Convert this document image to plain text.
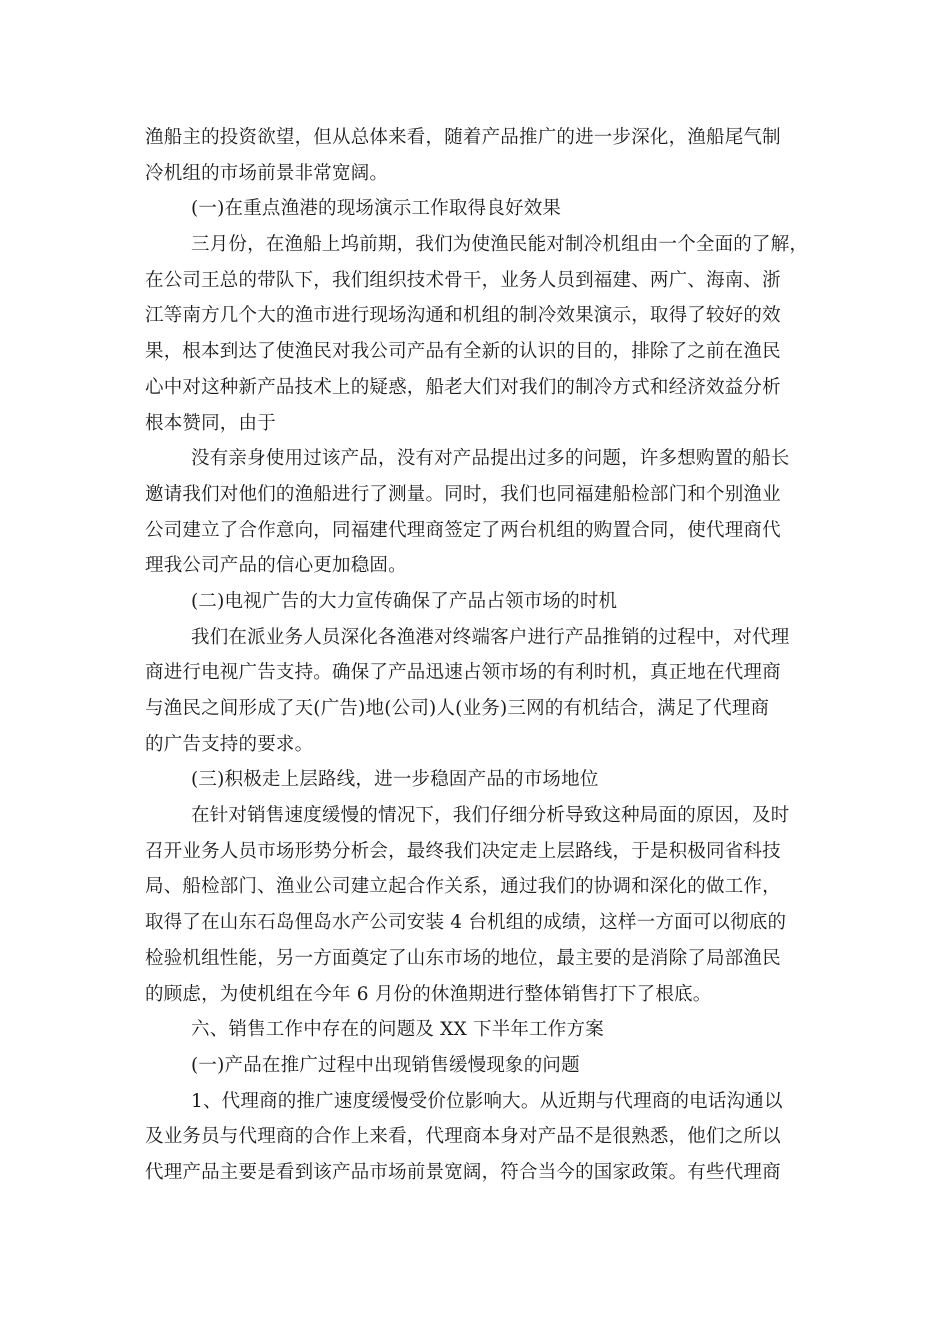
渔船主的投资欲望，但从总体来看，随着产品推广的进一步深化，渔船尾气制
冷机组的市场前景非常宽阔。
(一)在重点渔港的现场演示工作取得良好效果
三月份，在渔船上坞前期，我们为使渔民能对制冷机组由一个全面的了解，
在公司王总的带队下，我们组织技术骨干，业务人员到福建、两广、海南、浙
江等南方几个大的渔市进行现场沟通和机组的制冷效果演示，取得了较好的效
果，根本到达了使渔民对我公司产品有全新的认识的目的，排除了之前在渔民
心中对这种新产品技术上的疑惑，船老大们对我们的制冷方式和经济效益分析
根本赞同，由于
没有亲身使用过该产品，没有对产品提出过多的问题，许多想购置的船长
邀请我们对他们的渔船进行了测量。同时，我们也同福建船检部门和个别渔业
公司建立了合作意向，同福建代理商签定了两台机组的购置合同，使代理商代
理我公司产品的信心更加稳固。
(二)电视广告的大力宣传确保了产品占领市场的时机
我们在派业务人员深化各渔港对终端客户进行产品推销的过程中，对代理
商进行电视广告支持。确保了产品迅速占领市场的有利时机，真正地在代理商
与渔民之间形成了天(广告)地(公司)人(业务)三网的有机结合，满足了代理商
的广告支持的要求。
(三)积极走上层路线，进一步稳固产品的市场地位
在针对销售速度缓慢的情况下，我们仔细分析导致这种局面的原因，及时
召开业务人员市场形势分析会，最终我们决定走上层路线，于是积极同省科技
局、船检部门、渔业公司建立起合作关系，通过我们的协调和深化的做工作，
取得了在山东石岛俚岛水产公司安装 4 台机组的成绩，这样一方面可以彻底的
检验机组性能，另一方面奠定了山东市场的地位，最主要的是消除了局部渔民
的顾虑，为使机组在今年 6 月份的休渔期进行整体销售打下了根底。
六、销售工作中存在的问题及 XX 下半年工作方案
(一)产品在推广过程中出现销售缓慢现象的问题
1、代理商的推广速度缓慢受价位影响大。从近期与代理商的电话沟通以
及业务员与代理商的合作上来看，代理商本身对产品不是很熟悉，他们之所以
代理产品主要是看到该产品市场前景宽阔，符合当今的国家政策。有些代理商
